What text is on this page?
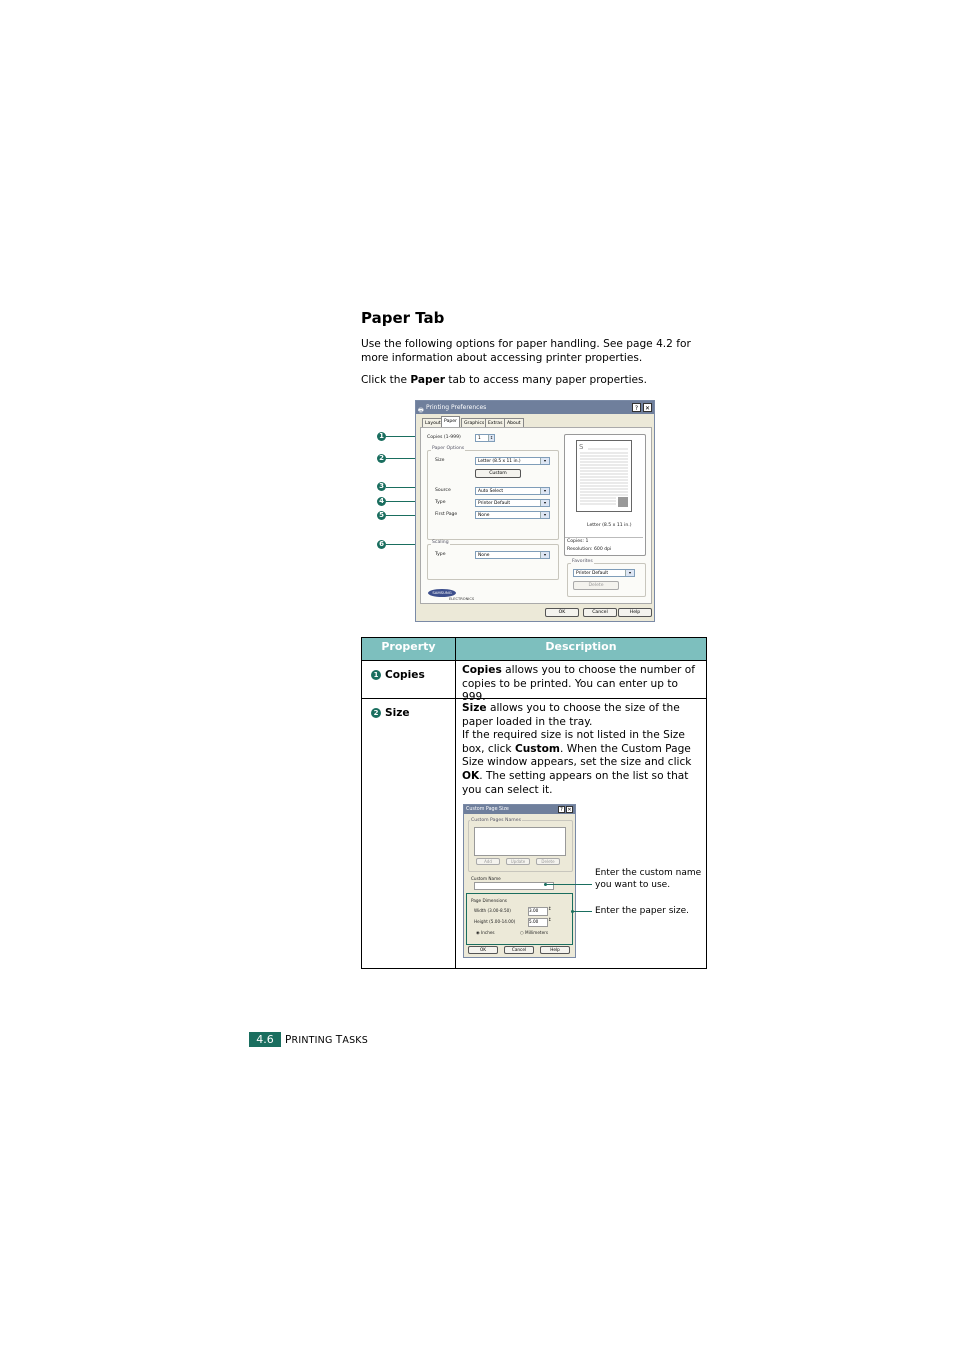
Paper Tab
Use the following options for paper handling. See page 4.2 for more information about accessing printer properties.
Click the Paper tab to access many paper properties.
1
2
3
4
5
6
🖶 Printing Preferences	?	✕
Layout Paper	Graphics Extras About
Copies (1-999)	1	↕
Paper Options
Size	Letter (8.5 x 11 in.)	▾
Custom
Source	Auto Select	▾
Type	Printer Default	▾
First Page	None	▾
Scaling
Type	None	▾
S
Letter (8.5 x 11 in.)
Copies: 1
Resolution: 600 dpi
Favorites
Printer Default	▾
Delete
SAMSUNG
ELECTRONICS
OK	Cancel	Help
Property	Description
1 Copies	Copies allows you to choose the number of copies to be printed. You can enter up to 999.
2 Size	Size allows you to choose the size of the paper loaded in the tray.
If the required size is not listed in the Size box, click Custom. When the Custom Page Size window appears, set the size and click OK. The setting appears on the list so that you can select it.
Custom Page Size	? ✕
Custom Pages Names
Add	Update	Delete
Custom Name
Page Dimensions
Width (3.00-8.50)	3.00	↕
Height (5.00-14.00)	5.00	↕
◉ Inches	○ Millimeters
OK	Cancel	Help
Enter the custom name you want to use.
Enter the paper size.
4.6	PRINTING TASKS
